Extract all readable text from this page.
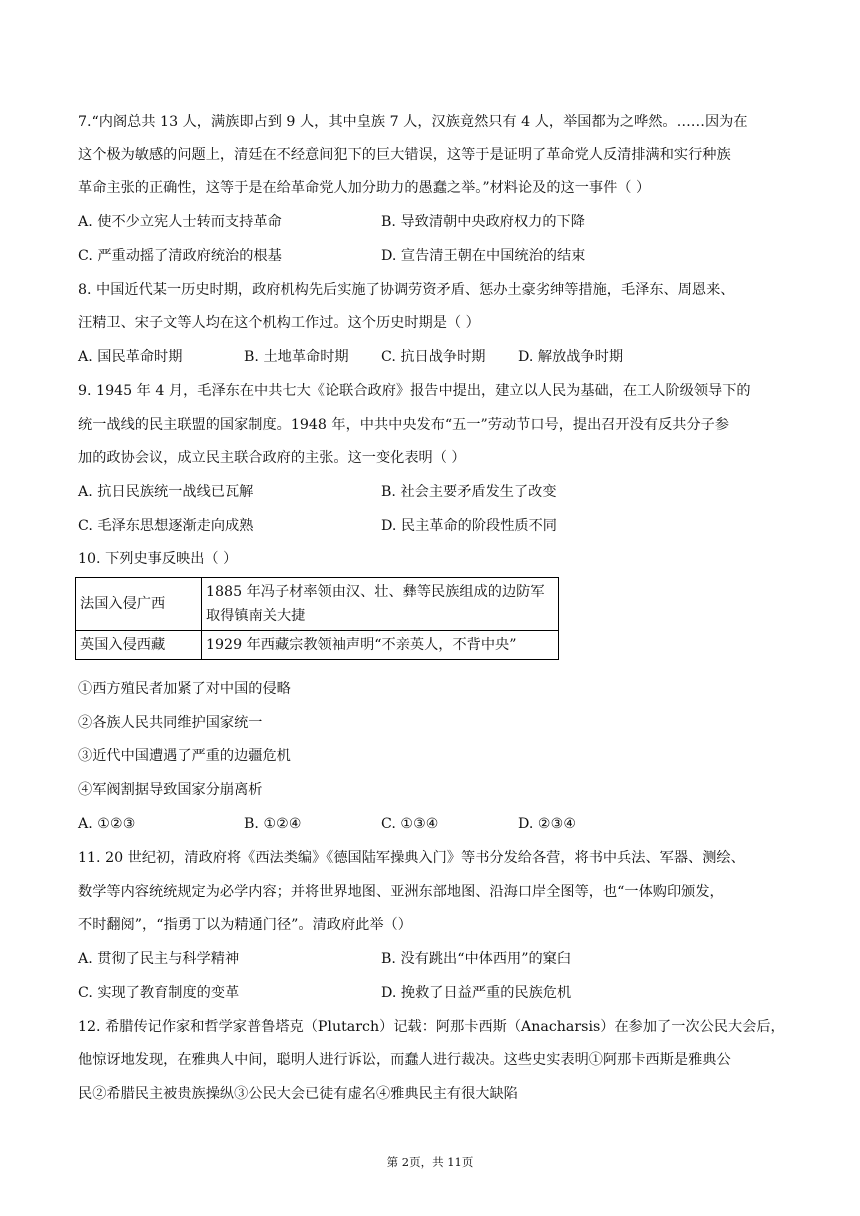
7.“内阁总共 13 人，满族即占到 9 人，其中皇族 7 人，汉族竟然只有 4 人，举国都为之哗然。……因为在
这个极为敏感的问题上，清廷在不经意间犯下的巨大错误，这等于是证明了革命党人反清排满和实行种族
革命主张的正确性，这等于是在给革命党人加分助力的愚蠢之举。”材料论及的这一事件（ ）
A. 使不少立宪人士转而支持革命	B. 导致清朝中央政府权力的下降
C. 严重动摇了清政府统治的根基	D. 宣告清王朝在中国统治的结束
8. 中国近代某一历史时期，政府机构先后实施了协调劳资矛盾、惩办土豪劣绅等措施，毛泽东、周恩来、
汪精卫、宋子文等人均在这个机构工作过。这个历史时期是（ ）
A. 国民革命时期	B. 土地革命时期 C. 抗日战争时期 D. 解放战争时期
9. 1945 年 4 月，毛泽东在中共七大《论联合政府》报告中提出，建立以人民为基础，在工人阶级领导下的
统一战线的民主联盟的国家制度。1948 年，中共中央发布“五一”劳动节口号，提出召开没有反共分子参
加的政协会议，成立民主联合政府的主张。这一变化表明（ ）
A. 抗日民族统一战线已瓦解	B. 社会主要矛盾发生了改变
C. 毛泽东思想逐渐走向成熟	D. 民主革命的阶段性质不同
10. 下列史事反映出（ ）
法国入侵广西	1885 年冯子材率领由汉、壮、彝等民族组成的边防军取得镇南关大捷
英国入侵西藏	1929 年西藏宗教领袖声明“不亲英人，不背中央”
①西方殖民者加紧了对中国的侵略
②各族人民共同维护国家统一
③近代中国遭遇了严重的边疆危机
④军阀割据导致国家分崩离析
A. ①②③	B. ①②④	C. ①③④	D. ②③④
11. 20 世纪初，清政府将《西法类编》《德国陆军操典入门》等书分发给各营，将书中兵法、军器、测绘、
数学等内容统统规定为必学内容；并将世界地图、亚洲东部地图、沿海口岸全图等，也“一体购印颁发，
不时翻阅”，“指勇丁以为精通门径”。清政府此举（）
A. 贯彻了民主与科学精神	B. 没有跳出“中体西用”的窠臼
C. 实现了教育制度的变革	D. 挽救了日益严重的民族危机
12. 希腊传记作家和哲学家普鲁塔克（Plutarch）记载：阿那卡西斯（Anacharsis）在参加了一次公民大会后，
他惊讶地发现，在雅典人中间，聪明人进行诉讼，而蠢人进行裁决。这些史实表明①阿那卡西斯是雅典公
民②希腊民主被贵族操纵③公民大会已徒有虚名④雅典民主有很大缺陷
第 2页，共 11页
